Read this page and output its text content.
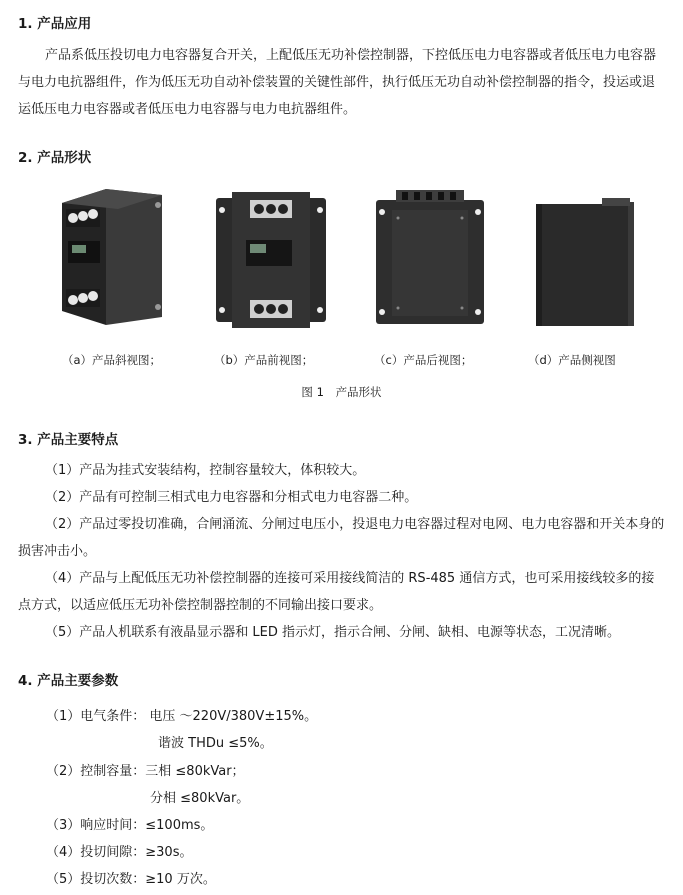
1. 产品应用

产品系低压投切电力电容器复合开关，上配低压无功补偿控制器，下控低压电力电容器或者低压电力电容器与电力电抗器组件，作为低压无功自动补偿装置的关键性部件，执行低压无功自动补偿控制器的指令，投运或退运低压电力电容器或者低压电力电容器与电力电抗器组件。

2. 产品形状
（a）产品斜视图；	（b）产品前视图；	（c）产品后视图；	（d）产品侧视图
图 1 产品形状
3. 产品主要特点

（1）产品为挂式安装结构，控制容量较大，体积较大。

（2）产品有可控制三相式电力电容器和分相式电力电容器二种。

（2）产品过零投切准确，合闸涌流、分闸过电压小，投退电力电容器过程对电网、电力电容器和开关本身的损害冲击小。

（4）产品与上配低压无功补偿控制器的连接可采用接线简洁的 RS-485 通信方式，也可采用接线较多的接点方式，以适应低压无功补偿控制器控制的不同输出接口要求。

（5）产品人机联系有液晶显示器和 LED 指示灯，指示合闸、分闸、缺相、电源等状态，工况清晰。

4. 产品主要参数
（1）电气条件： 电压 ～220V/380V±15%。
谐波 THDu ≤5%。
（2）控制容量：三相 ≤80kVar；
分相 ≤80kVar。
（3）响应时间：≤100ms。
（4）投切间隙：≥30s。
（5）投切次数：≥10 万次。
